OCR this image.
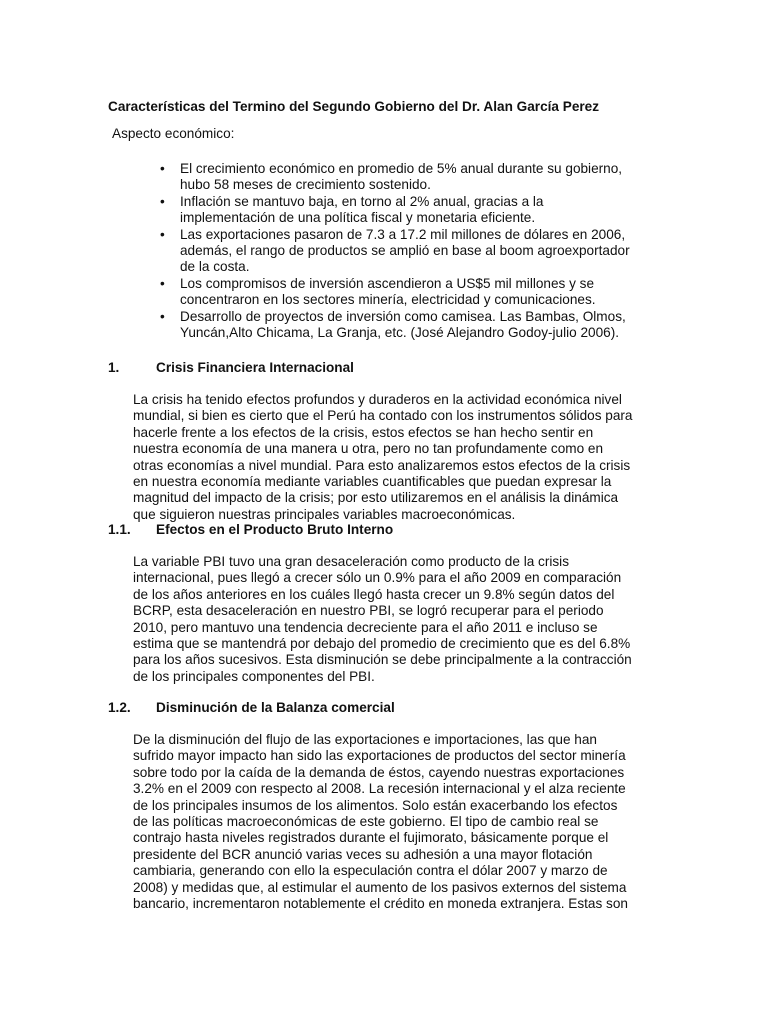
Características del Termino del Segundo Gobierno del Dr. Alan García Perez
Aspecto económico:
• El crecimiento económico en promedio de 5% anual durante su gobierno,
hubo 58 meses de crecimiento sostenido.
• Inflación se mantuvo baja, en torno al 2% anual, gracias a la
implementación de una política fiscal y monetaria eficiente.
• Las exportaciones pasaron de 7.3 a 17.2 mil millones de dólares en 2006,
además, el rango de productos se amplió en base al boom agroexportador
de la costa.
• Los compromisos de inversión ascendieron a US$5 mil millones y se
concentraron en los sectores minería, electricidad y comunicaciones.
• Desarrollo de proyectos de inversión como camisea. Las Bambas, Olmos,
Yuncán,Alto Chicama, La Granja, etc. (José Alejandro Godoy-julio 2006).
1.	Crisis Financiera Internacional
La crisis ha tenido efectos profundos y duraderos en la actividad económica nivel
mundial, si bien es cierto que el Perú ha contado con los instrumentos sólidos para
hacerle frente a los efectos de la crisis, estos efectos se han hecho sentir en
nuestra economía de una manera u otra, pero no tan profundamente como en
otras economías a nivel mundial. Para esto analizaremos estos efectos de la crisis
en nuestra economía mediante variables cuantificables que puedan expresar la
magnitud del impacto de la crisis; por esto utilizaremos en el análisis la dinámica
que siguieron nuestras principales variables macroeconómicas.
1.1. Efectos en el Producto Bruto Interno
La variable PBI tuvo una gran desaceleración como producto de la crisis
internacional, pues llegó a crecer sólo un 0.9% para el año 2009 en comparación
de los años anteriores en los cuáles llegó hasta crecer un 9.8% según datos del
BCRP, esta desaceleración en nuestro PBI, se logró recuperar para el periodo
2010, pero mantuvo una tendencia decreciente para el año 2011 e incluso se
estima que se mantendrá por debajo del promedio de crecimiento que es del 6.8%
para los años sucesivos. Esta disminución se debe principalmente a la contracción
de los principales componentes del PBI.
1.2. Disminución de la Balanza comercial
De la disminución del flujo de las exportaciones e importaciones, las que han
sufrido mayor impacto han sido las exportaciones de productos del sector minería
sobre todo por la caída de la demanda de éstos, cayendo nuestras exportaciones
3.2% en el 2009 con respecto al 2008. La recesión internacional y el alza reciente
de los principales insumos de los alimentos. Solo están exacerbando los efectos
de las políticas macroeconómicas de este gobierno. El tipo de cambio real se
contrajo hasta niveles registrados durante el fujimorato, básicamente porque el
presidente del BCR anunció varias veces su adhesión a una mayor flotación
cambiaria, generando con ello la especulación contra el dólar 2007 y marzo de
2008) y medidas que, al estimular el aumento de los pasivos externos del sistema
bancario, incrementaron notablemente el crédito en moneda extranjera. Estas son
